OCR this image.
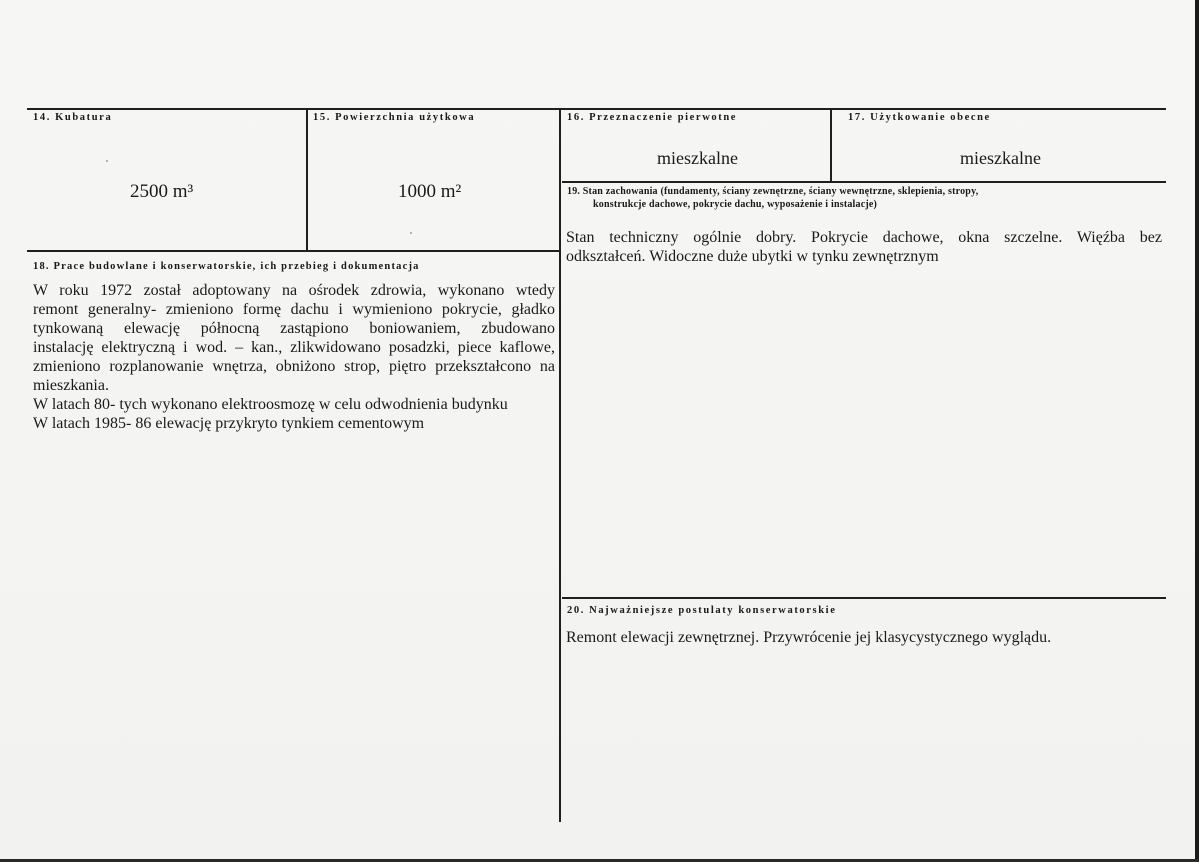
14. Kubatura
2500 m³
15. Powierzchnia użytkowa
1000 m²
16. Przeznaczenie pierwotne
mieszkalne
17. Użytkowanie obecne
mieszkalne
18. Prace budowlane i konserwatorskie, ich przebieg i dokumentacja

W roku 1972 został adoptowany na ośrodek zdrowia, wykonano wtedy

remont generalny- zmieniono formę dachu i wymieniono pokrycie, gładko

tynkowaną elewację północną zastąpiono boniowaniem, zbudowano

instalację elektryczną i wod. – kan., zlikwidowano posadzki, piece kaflowe,

zmieniono rozplanowanie wnętrza, obniżono strop, piętro przekształcono na

mieszkania.

W latach 80- tych wykonano elektroosmozę w celu odwodnienia budynku

W latach 1985- 86 elewację przykryto tynkiem cementowym

19. Stan zachowania (fundamenty, ściany zewnętrzne, ściany wewnętrzne, sklepienia, stropy,
konstrukcje dachowe, pokrycie dachu, wyposażenie i instalacje)

Stan techniczny ogólnie dobry. Pokrycie dachowe, okna szczelne. Więźba bez

odkształceń. Widoczne duże ubytki w tynku zewnętrznym

20. Najważniejsze postulaty konserwatorskie
Remont elewacji zewnętrznej. Przywrócenie jej klasycystycznego wyglądu.
